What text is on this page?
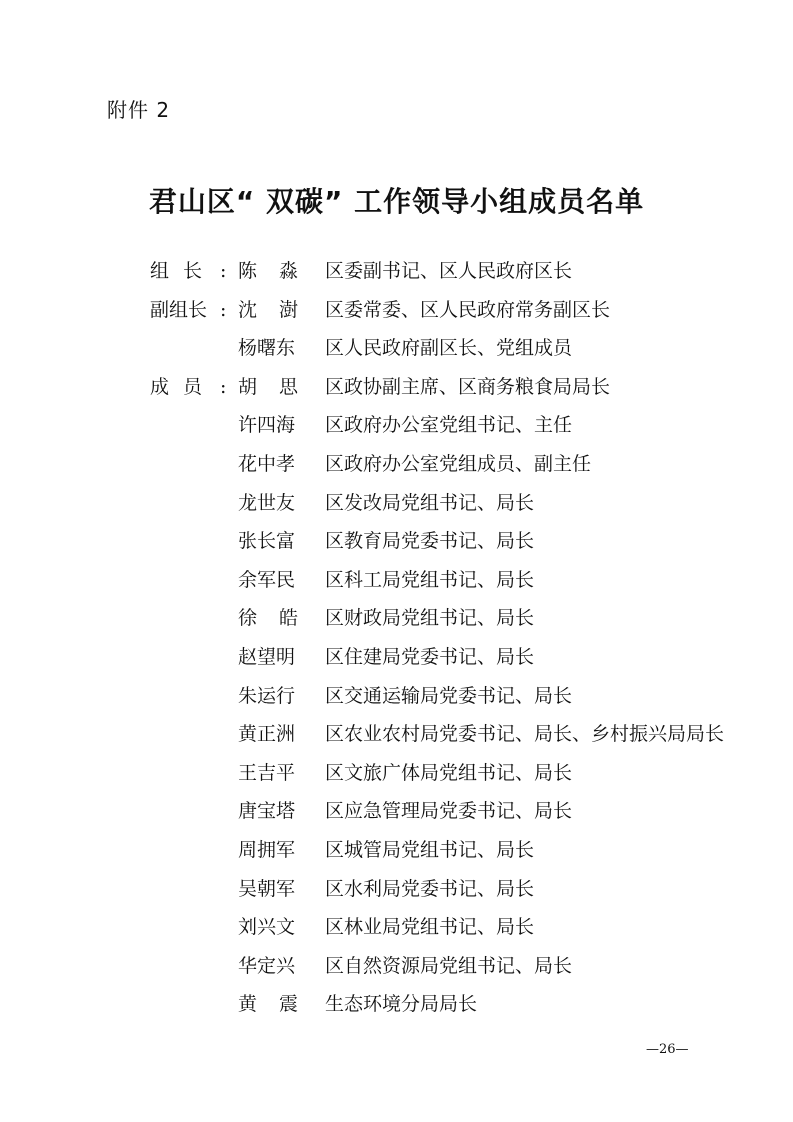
附件 2
君山区“ 双碳” 工作领导小组成员名单
组 长 : 陈 淼 区委副书记、区人民政府区长
副组长 : 沈 澍 区委常委、区人民政府常务副区长
杨曙东 区人民政府副区长、党组成员
成 员 : 胡 思 区政协副主席、区商务粮食局局长
许四海 区政府办公室党组书记、主任
花中孝 区政府办公室党组成员、副主任
龙世友 区发改局党组书记、局长
张长富 区教育局党委书记、局长
余军民 区科工局党组书记、局长
徐 皓 区财政局党组书记、局长
赵望明 区住建局党委书记、局长
朱运行 区交通运输局党委书记、局长
黄正洲 区农业农村局党委书记、局长、乡村振兴局局长
王吉平 区文旅广体局党组书记、局长
唐宝塔 区应急管理局党委书记、局长
周拥军 区城管局党组书记、局长
吴朝军 区水利局党委书记、局长
刘兴文 区林业局党组书记、局长
华定兴 区自然资源局党组书记、局长
黄 震 生态环境分局局长
—26—
